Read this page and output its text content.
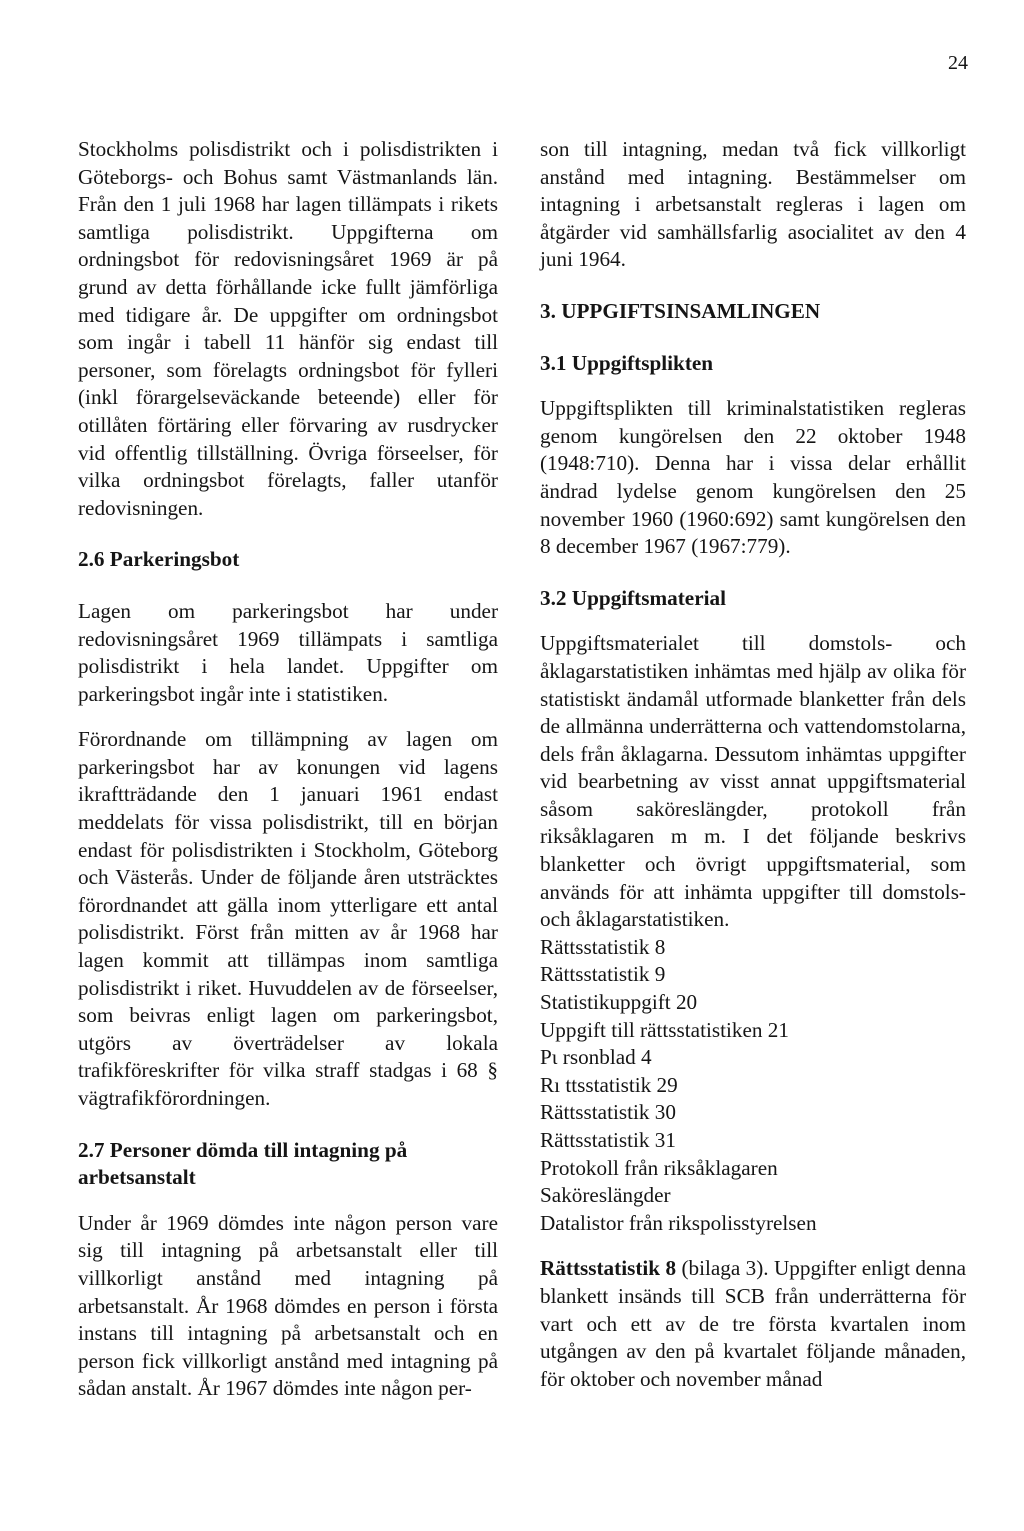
24

Stockholms polisdistrikt och i polisdistrikten i Göteborgs- och Bohus samt Västmanlands län. Från den 1 juli 1968 har lagen tillämpats i rikets samtliga polisdistrikt. Uppgifterna om ordningsbot för redovisningsåret 1969 är på grund av detta förhållande icke fullt jämförliga med tidigare år. De uppgifter om ordningsbot som ingår i tabell 11 hänför sig endast till personer, som förelagts ordningsbot för fylleri (inkl förargelseväckande beteende) eller för otillåten förtäring eller förvaring av rusdrycker vid offentlig tillställning. Övriga förseelser, för vilka ordningsbot förelagts, faller utanför redovisningen.

2.6 Parkeringsbot

Lagen om parkeringsbot har under redovisningsåret 1969 tillämpats i samtliga polisdistrikt i hela landet. Uppgifter om parkeringsbot ingår inte i statistiken.

Förordnande om tillämpning av lagen om parkeringsbot har av konungen vid lagens ikraftträdande den 1 januari 1961 endast meddelats för vissa polisdistrikt, till en början endast för polisdistrikten i Stockholm, Göteborg och Västerås. Under de följande åren utsträcktes förordnandet att gälla inom ytterligare ett antal polisdistrikt. Först från mitten av år 1968 har lagen kommit att tillämpas inom samtliga polisdistrikt i riket. Huvuddelen av de förseelser, som beivras enligt lagen om parkeringsbot, utgörs av överträdelser av lokala trafikföreskrifter för vilka straff stadgas i 68 § vägtrafikförordningen.

2.7 Personer dömda till intagning på arbetsanstalt

Under år 1969 dömdes inte någon person vare sig till intagning på arbetsanstalt eller till villkorligt anstånd med intagning på arbetsanstalt. År 1968 dömdes en person i första instans till intagning på arbetsanstalt och en person fick villkorligt anstånd med intagning på sådan anstalt. År 1967 dömdes inte någon per-

son till intagning, medan två fick villkorligt anstånd med intagning. Bestämmelser om intagning i arbetsanstalt regleras i lagen om åtgärder vid samhällsfarlig asocialitet av den 4 juni 1964.

3. UPPGIFTSINSAMLINGEN

3.1 Uppgiftsplikten

Uppgiftsplikten till kriminalstatistiken regleras genom kungörelsen den 22 oktober 1948 (1948:710). Denna har i vissa delar erhållit ändrad lydelse genom kungörelsen den 25 november 1960 (1960:692) samt kungörelsen den 8 december 1967 (1967:779).

3.2 Uppgiftsmaterial

Uppgiftsmaterialet till domstols- och åklagarstatistiken inhämtas med hjälp av olika för statistiskt ändamål utformade blanketter från dels de allmänna underrätterna och vattendomstolarna, dels från åklagarna. Dessutom inhämtas uppgifter vid bearbetning av visst annat uppgiftsmaterial såsom saköreslängder, protokoll från riksåklagaren m m. I det följande beskrivs blanketter och övrigt uppgiftsmaterial, som används för att inhämta uppgifter till domstols- och åklagarstatistiken.

Rättsstatistik 8
Rättsstatistik 9
Statistikuppgift 20
Uppgift till rättsstatistiken 21
Pɩ rsonblad 4
Rı ttsstatistik 29
Rättsstatistik 30
Rättsstatistik 31
Protokoll från riksåklagaren
Saköreslängder
Datalistor från rikspolisstyrelsen

Rättsstatistik 8 (bilaga 3). Uppgifter enligt denna blankett insänds till SCB från underrätterna för vart och ett av de tre första kvartalen inom utgången av den på kvartalet följande månaden, för oktober och november månad
